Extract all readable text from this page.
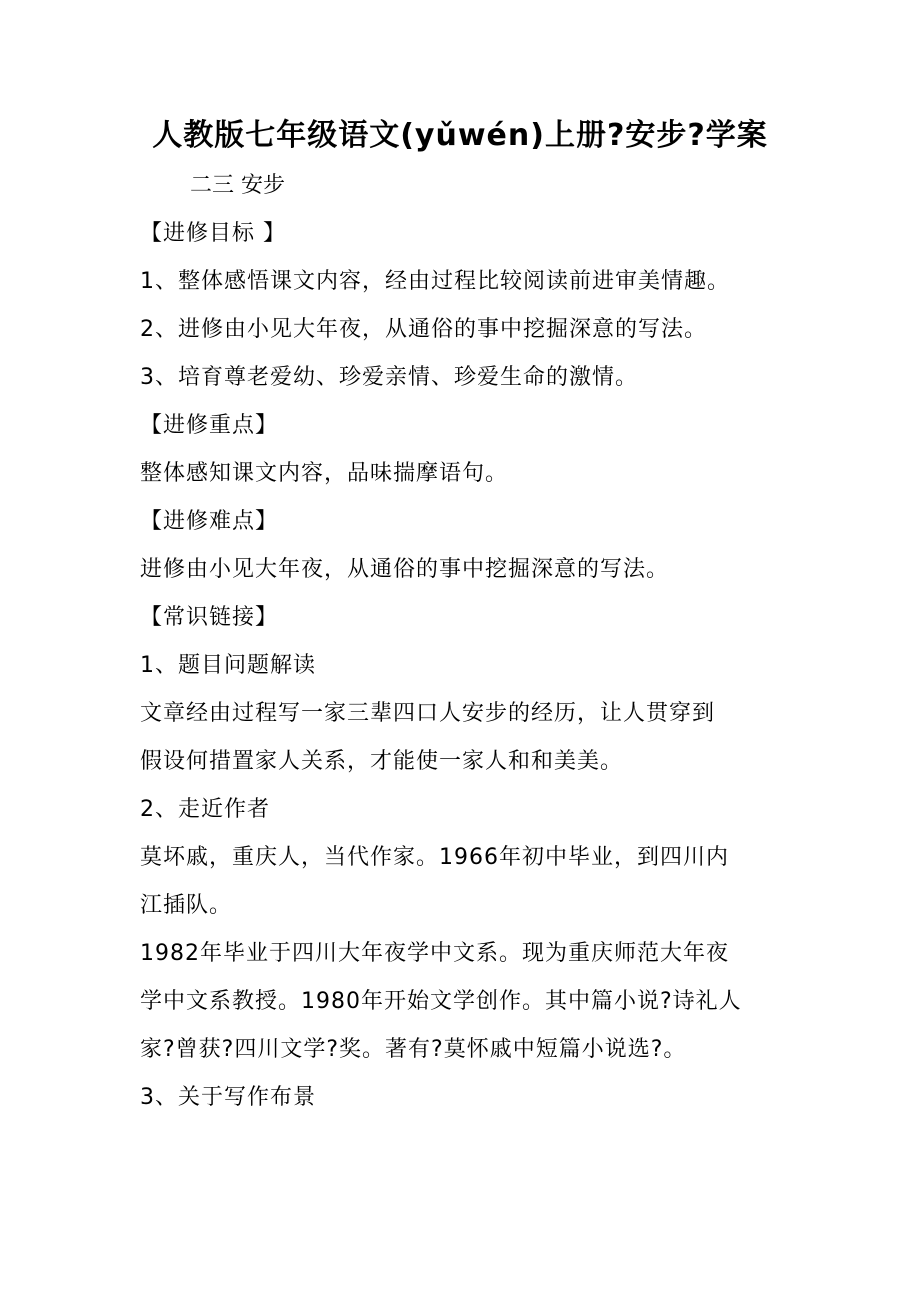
人教版七年级语文(yǔwén)上册?安步?学案
二三 安步
【进修目标 】
1、整体感悟课文内容，经由过程比较阅读前进审美情趣。
2、进修由小见大年夜，从通俗的事中挖掘深意的写法。
3、培育尊老爱幼、珍爱亲情、珍爱生命的激情。
【进修重点】
整体感知课文内容，品味揣摩语句。
【进修难点】
进修由小见大年夜，从通俗的事中挖掘深意的写法。
【常识链接】
1、题目问题解读
文章经由过程写一家三辈四口人安步的经历，让人贯穿到
假设何措置家人关系，才能使一家人和和美美。
2、走近作者
莫坏戚，重庆人，当代作家。1966年初中毕业，到四川内
江插队。
1982年毕业于四川大年夜学中文系。现为重庆师范大年夜
学中文系教授。1980年开始文学创作。其中篇小说?诗礼人
家?曾获?四川文学?奖。著有?莫怀戚中短篇小说选?。
3、关于写作布景
